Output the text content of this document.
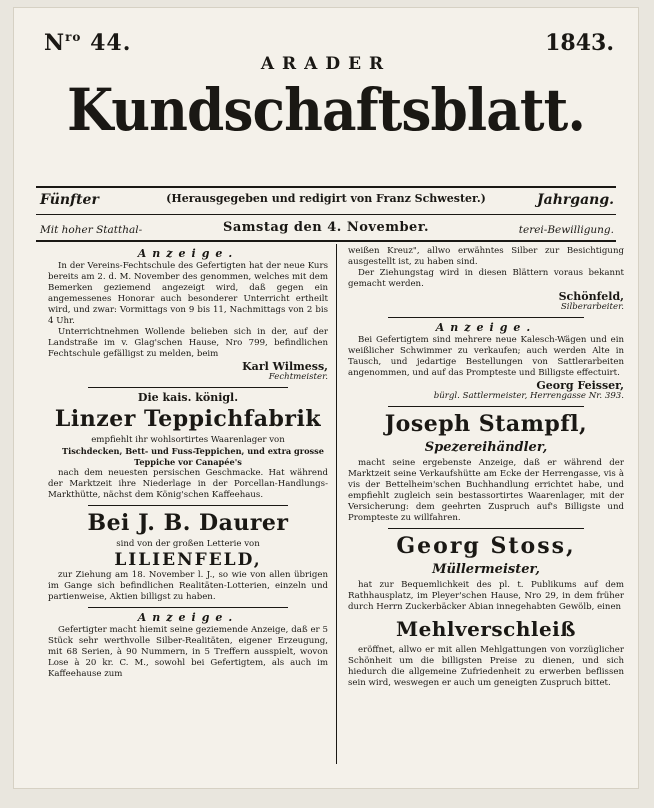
$N^{ro}$ 44.	1843.
ARADER
Kundschaftsblatt.
Fünfter	(Herausgegeben und redigirt von Franz Schwester.)	Jahrgang.
Mit hoher Statthal-	Samstag den 4. November.	terei-Bewilligung.
Anzeige.

In der Vereins-Fechtschule des Gefertigten hat der neue Kurs bereits am 2. d. M. November des genommen, welches mit dem Bemerken geziemend angezeigt wird, daß gegen ein angemessenes Honorar auch besonderer Unterricht ertheilt wird, und zwar: Vormittags von 9 bis 11, Nachmittags von 2 bis 4 Uhr.

Unterrichtnehmen Wollende belieben sich in der, auf der Landstraße im v. Glag'schen Hause, Nro 799, befindlichen Fechtschule gefälligst zu melden, beim

Karl Wilmess,
Fechtmeister.

Die kais. königl.

Linzer Teppichfabrik

empfiehlt ihr wohlsortirtes Waarenlager von

Tischdecken, Bett- und Fuss-Teppichen, und extra grosse Teppiche vor Canapée's

nach dem neuesten persischen Geschmacke. Hat während der Marktzeit ihre Niederlage in der Porcellan-Handlungs-Markthütte, nächst dem König'schen Kaffeehaus.

Bei J. B. Daurer

sind von der großen Letterie von

LILIENFELD,

zur Ziehung am 18. November l. J., so wie von allen übrigen im Gange sich befindlichen Realitäten-Lotterien, einzeln und partienweise, Aktien billigst zu haben.

Anzeige.

Gefertigter macht hiemit seine geziemende Anzeige, daß er 5 Stück sehr werthvolle Silber-Realitäten, eigener Erzeugung, mit 68 Serien, à 90 Nummern, in 5 Treffern ausspielt, wovon Lose à 20 kr. C. M., sowohl bei Gefertigtem, als auch im Kaffeehause zum

weißen Kreuz", allwo erwähntes Silber zur Besichtigung ausgestellt ist, zu haben sind.

Der Ziehungstag wird in diesen Blättern voraus bekannt gemacht werden.

Schönfeld,
Silberarbeiter.
Anzeige.

Bei Gefertigtem sind mehrere neue Kalesch-Wägen und ein weißlicher Schwimmer zu verkaufen; auch werden Alte in Tausch, und jedartige Bestellungen von Sattlerarbeiten angenommen, und auf das Prompteste und Billigste effectuirt.

Georg Feisser,
bürgl. Sattlermeister, Herrengasse Nr. 393.
Joseph Stampfl,
Spezereihändler,

macht seine ergebenste Anzeige, daß er während der Marktzeit seine Verkaufshütte am Ecke der Herrengasse, vis à vis der Bettelheim'schen Buchhandlung errichtet habe, und empfiehlt zugleich sein bestassortirtes Waarenlager, mit der Versicherung: dem geehrten Zuspruch auf's Billigste und Prompteste zu willfahren.

Georg Stoss,
Müllermeister,

hat zur Bequemlichkeit des pl. t. Publikums auf dem Rathhausplatz, im Pleyer'schen Hause, Nro 29, in dem früher durch Herrn Zuckerbäcker Abian innegehabten Gewölb, einen

Mehlverschleiß

eröffnet, allwo er mit allen Mehlgattungen von vorzüglicher Schönheit um die billigsten Preise zu dienen, und sich hiedurch die allgemeine Zufriedenheit zu erwerben beflissen sein wird, weswegen er auch um geneigten Zuspruch bittet.
